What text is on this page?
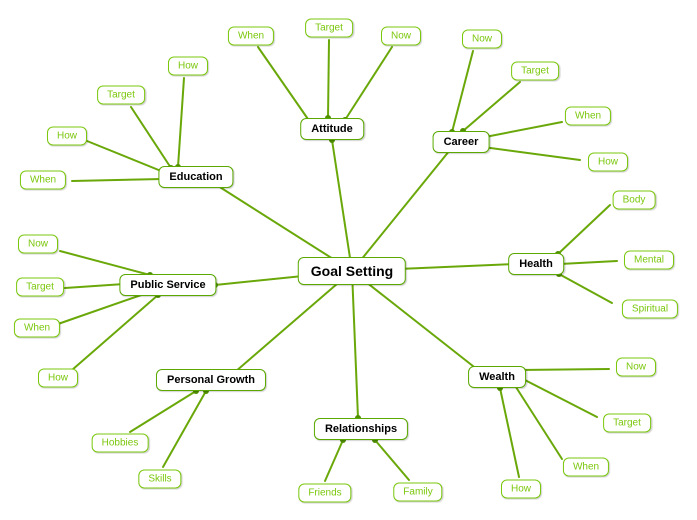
When
Target
Now
Attitude
Now
Target
When
How
Career
Body
Mental
Spiritual
Health
Now
Target
When
How
Wealth
Friends	Family
Relationships
Hobbies
Skills
Personal Growth
Now
Target
When
How
Public Service
Target
How
When
How
Education
Goal Setting
